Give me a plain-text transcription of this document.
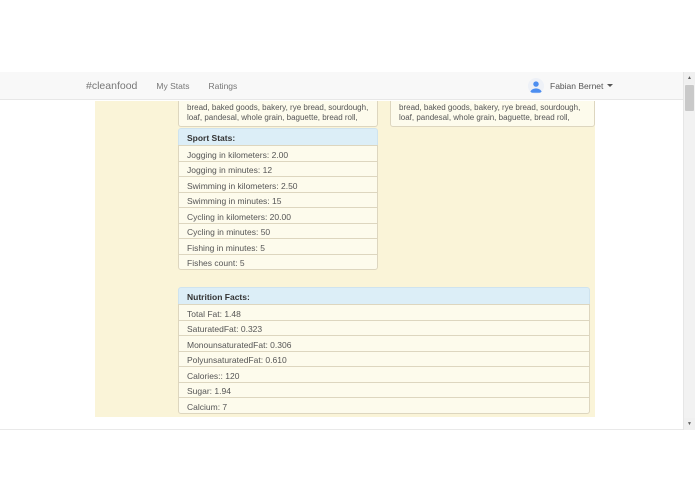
#cleanfood My Stats Ratings	Fabian Bernet
bread, baked goods, bakery, rye bread, sourdough, loaf, pandesal, whole grain, baguette, bread roll,
bread, baked goods, bakery, rye bread, sourdough, loaf, pandesal, whole grain, baguette, bread roll,
Sport Stats:
Jogging in kilometers: 2.00
Jogging in minutes: 12
Swimming in kilometers: 2.50
Swimming in minutes: 15
Cycling in kilometers: 20.00
Cycling in minutes: 50
Fishing in minutes: 5
Fishes count: 5
Nutrition Facts:
Total Fat: 1.48
SaturatedFat: 0.323
MonounsaturatedFat: 0.306
PolyunsaturatedFat: 0.610
Calories:: 120
Sugar: 1.94
Calcium: 7
▲
▼
